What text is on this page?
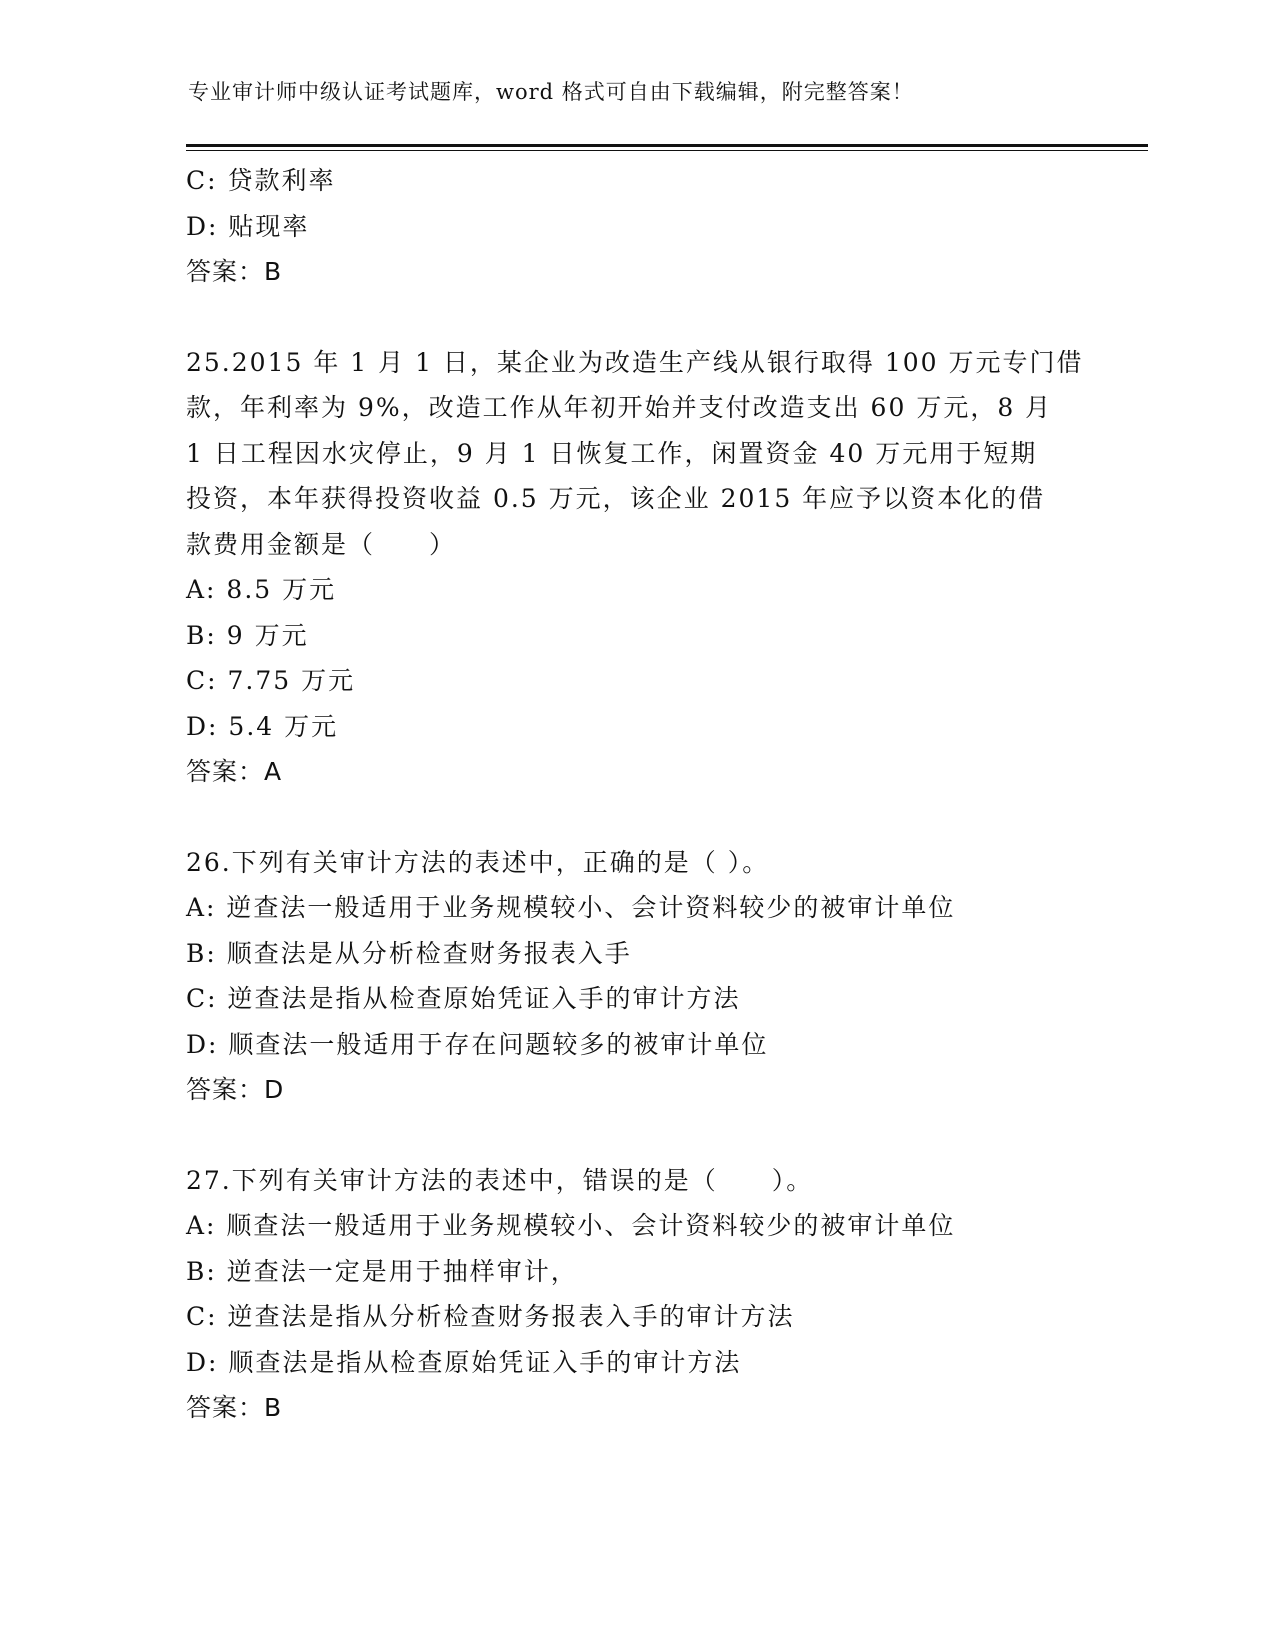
专业审计师中级认证考试题库，word 格式可自由下载编辑，附完整答案！
C: 贷款利率
D: 贴现率
答案：B
25.2015 年 1 月 1 日，某企业为改造生产线从银行取得 100 万元专门借
款，年利率为 9%，改造工作从年初开始并支付改造支出 60 万元，8 月
1 日工程因水灾停止，9 月 1 日恢复工作，闲置资金 40 万元用于短期
投资，本年获得投资收益 0.5 万元，该企业 2015 年应予以资本化的借
款费用金额是（　　）
A: 8.5 万元
B: 9 万元
C: 7.75 万元
D: 5.4 万元
答案：A
26.下列有关审计方法的表述中，正确的是（ ）。
A: 逆查法一般适用于业务规模较小、会计资料较少的被审计单位
B: 顺查法是从分析检查财务报表入手
C: 逆查法是指从检查原始凭证入手的审计方法
D: 顺查法一般适用于存在问题较多的被审计单位
答案：D
27.下列有关审计方法的表述中，错误的是（　　）。
A: 顺查法一般适用于业务规模较小、会计资料较少的被审计单位
B: 逆查法一定是用于抽样审计，
C: 逆查法是指从分析检查财务报表入手的审计方法
D: 顺查法是指从检查原始凭证入手的审计方法
答案：B
